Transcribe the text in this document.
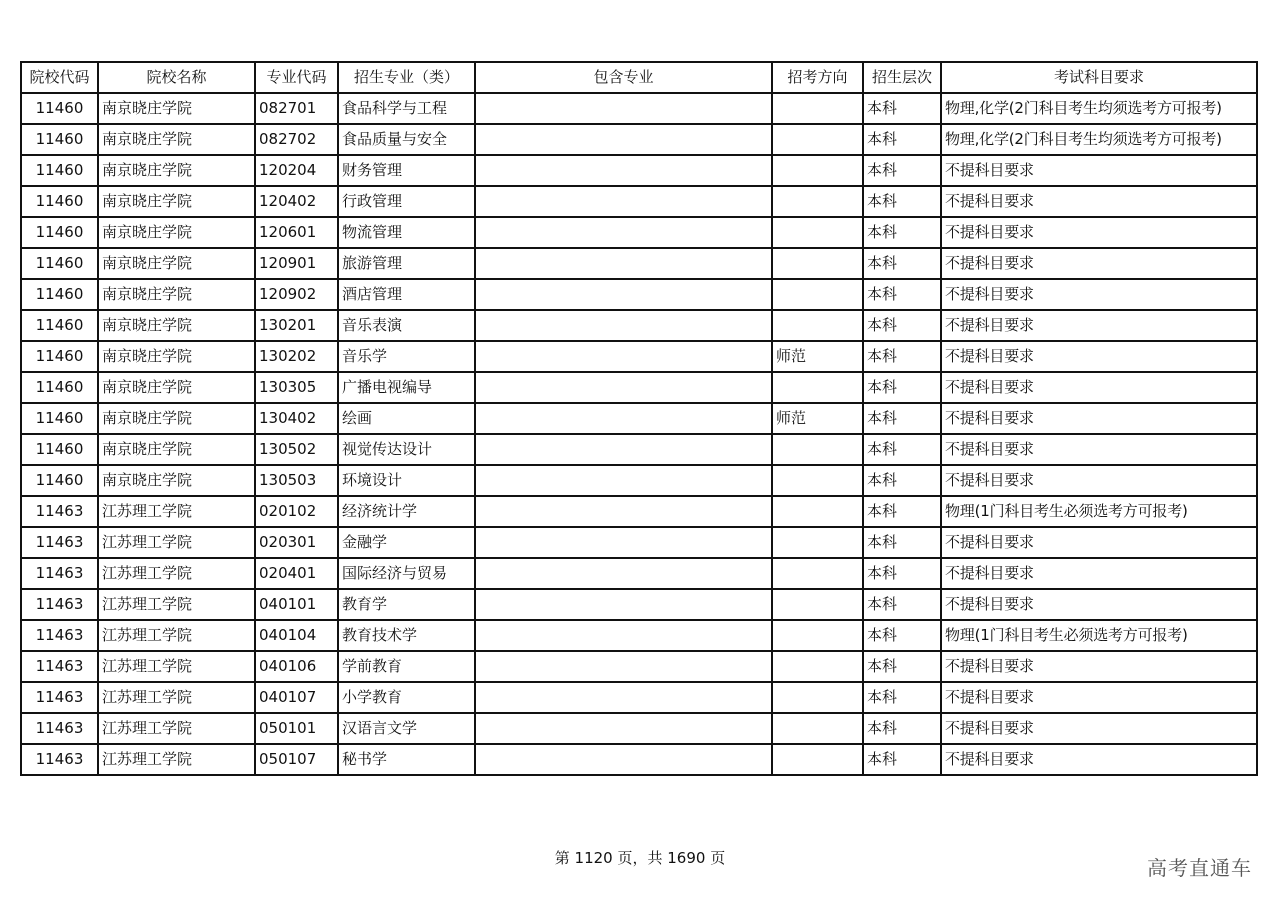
院校代码	院校名称	专业代码	招生专业（类）	包含专业	招考方向	招生层次	考试科目要求
11460	南京晓庄学院	082701	食品科学与工程			本科	物理,化学(2门科目考生均须选考方可报考)
11460	南京晓庄学院	082702	食品质量与安全			本科	物理,化学(2门科目考生均须选考方可报考)
11460	南京晓庄学院	120204	财务管理			本科	不提科目要求
11460	南京晓庄学院	120402	行政管理			本科	不提科目要求
11460	南京晓庄学院	120601	物流管理			本科	不提科目要求
11460	南京晓庄学院	120901	旅游管理			本科	不提科目要求
11460	南京晓庄学院	120902	酒店管理			本科	不提科目要求
11460	南京晓庄学院	130201	音乐表演			本科	不提科目要求
11460	南京晓庄学院	130202	音乐学		师范	本科	不提科目要求
11460	南京晓庄学院	130305	广播电视编导			本科	不提科目要求
11460	南京晓庄学院	130402	绘画		师范	本科	不提科目要求
11460	南京晓庄学院	130502	视觉传达设计			本科	不提科目要求
11460	南京晓庄学院	130503	环境设计			本科	不提科目要求
11463	江苏理工学院	020102	经济统计学			本科	物理(1门科目考生必须选考方可报考)
11463	江苏理工学院	020301	金融学			本科	不提科目要求
11463	江苏理工学院	020401	国际经济与贸易			本科	不提科目要求
11463	江苏理工学院	040101	教育学			本科	不提科目要求
11463	江苏理工学院	040104	教育技术学			本科	物理(1门科目考生必须选考方可报考)
11463	江苏理工学院	040106	学前教育			本科	不提科目要求
11463	江苏理工学院	040107	小学教育			本科	不提科目要求
11463	江苏理工学院	050101	汉语言文学			本科	不提科目要求
11463	江苏理工学院	050107	秘书学			本科	不提科目要求
第 1120 页，共 1690 页	高考直通车
